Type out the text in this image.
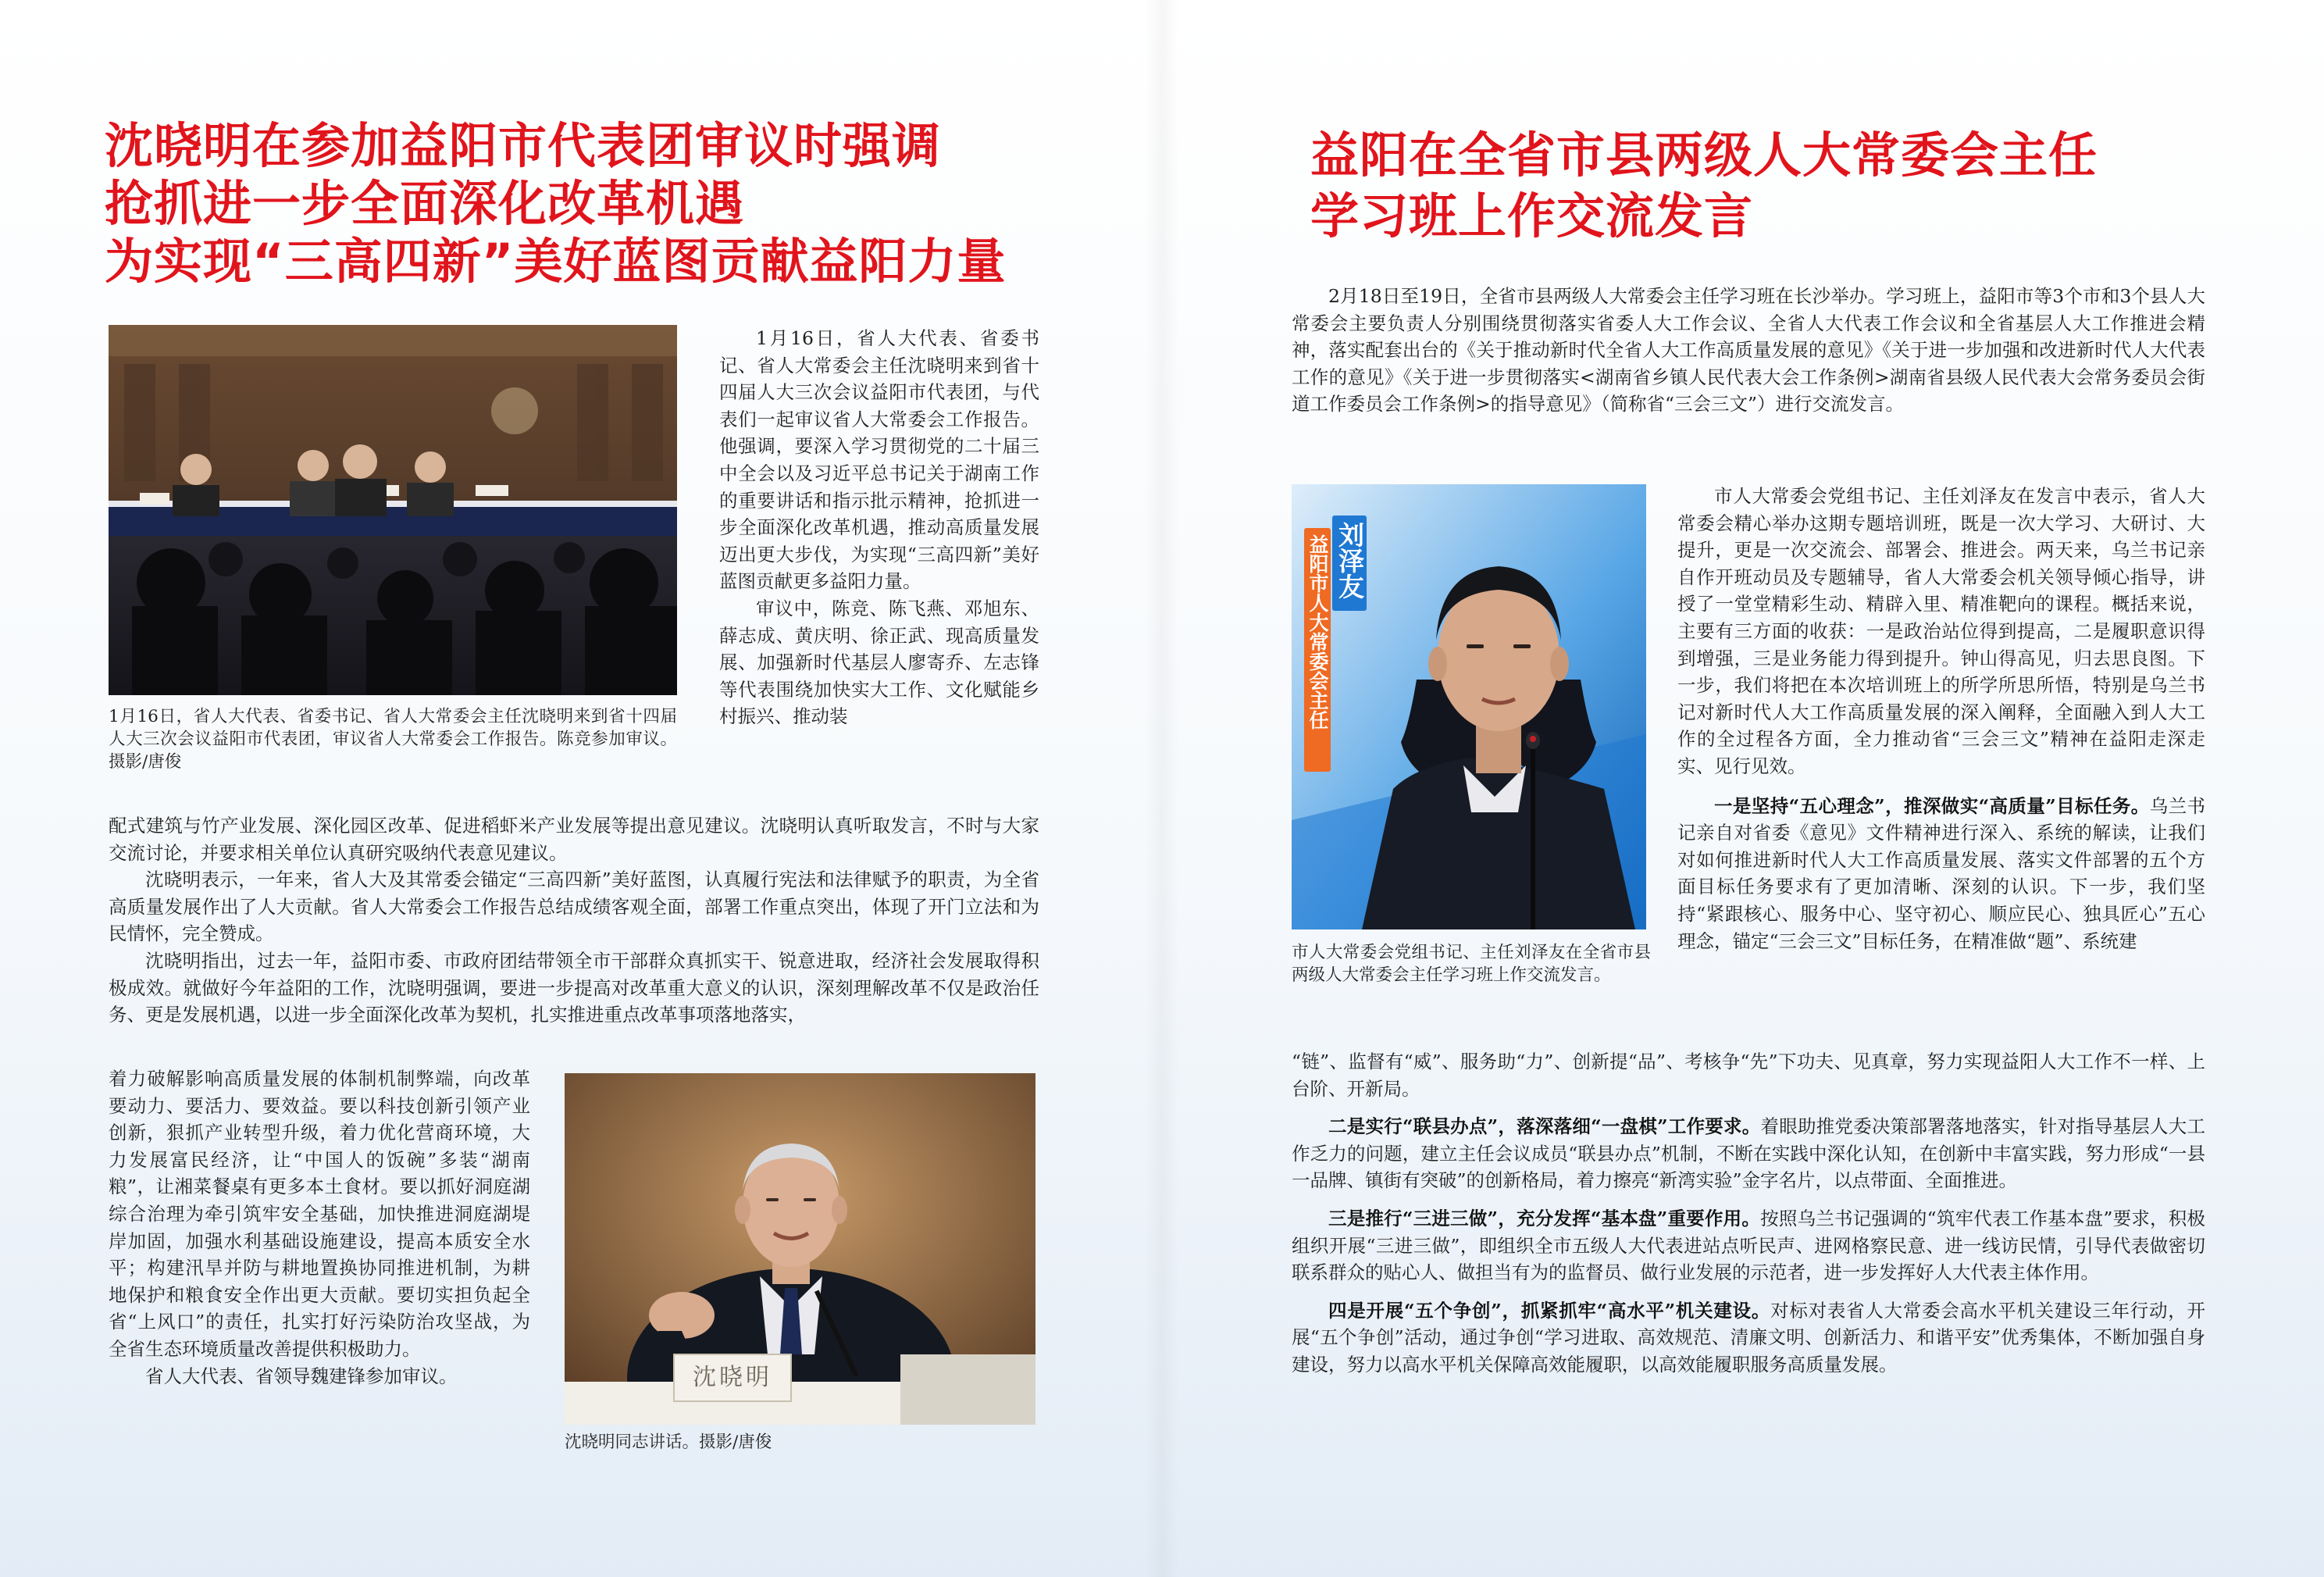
沈晓明在参加益阳市代表团审议时强调
抢抓进一步全面深化改革机遇
为实现“三高四新”美好蓝图贡献益阳力量

1月16日，省人大代表、省委书记、省人大常委会主任沈晓明来到省十四届人大三次会议益阳市代表团，审议省人大常委会工作报告。陈竞参加审议。摄影/唐俊

1月16日，省人大代表、省委书记、省人大常委会主任沈晓明来到省十四届人大三次会议益阳市代表团，与代表们一起审议省人大常委会工作报告。他强调，要深入学习贯彻党的二十届三中全会以及习近平总书记关于湖南工作的重要讲话和指示批示精神，抢抓进一步全面深化改革机遇，推动高质量发展迈出更大步伐，为实现“三高四新”美好蓝图贡献更多益阳力量。

审议中，陈竞、陈飞燕、邓旭东、薛志成、黄庆明、徐正武、现高质量发展、加强新时代基层人廖寄乔、左志锋等代表围绕加快实大工作、文化赋能乡村振兴、推动装

配式建筑与竹产业发展、深化园区改革、促进稻虾米产业发展等提出意见建议。沈晓明认真听取发言，不时与大家交流讨论，并要求相关单位认真研究吸纳代表意见建议。

沈晓明表示，一年来，省人大及其常委会锚定“三高四新”美好蓝图，认真履行宪法和法律赋予的职责，为全省高质量发展作出了人大贡献。省人大常委会工作报告总结成绩客观全面，部署工作重点突出，体现了开门立法和为民情怀，完全赞成。

沈晓明指出，过去一年，益阳市委、市政府团结带领全市干部群众真抓实干、锐意进取，经济社会发展取得积极成效。就做好今年益阳的工作，沈晓明强调，要进一步提高对改革重大意义的认识，深刻理解改革不仅是政治任务、更是发展机遇，以进一步全面深化改革为契机，扎实推进重点改革事项落地落实，

着力破解影响高质量发展的体制机制弊端，向改革要动力、要活力、要效益。要以科技创新引领产业创新，狠抓产业转型升级，着力优化营商环境，大力发展富民经济，让“中国人的饭碗”多装“湖南粮”，让湘菜餐桌有更多本土食材。要以抓好洞庭湖综合治理为牵引筑牢安全基础，加快推进洞庭湖堤岸加固，加强水利基础设施建设，提高本质安全水平；构建汛旱并防与耕地置换协同推进机制，为耕地保护和粮食安全作出更大贡献。要切实担负起全省“上风口”的责任，扎实打好污染防治攻坚战，为全省生态环境质量改善提供积极助力。

省人大代表、省领导魏建锋参加审议。	沈晓明

沈晓明同志讲话。摄影/唐俊

益阳在全省市县两级人大常委会主任
学习班上作交流发言

2月18日至19日，全省市县两级人大常委会主任学习班在长沙举办。学习班上，益阳市等3个市和3个县人大常委会主要负责人分别围绕贯彻落实省委人大工作会议、全省人大代表工作会议和全省基层人大工作推进会精神，落实配套出台的《关于推动新时代全省人大工作高质量发展的意见》《关于进一步加强和改进新时代人大代表工作的意见》《关于进一步贯彻落实<湖南省乡镇人民代表大会工作条例>湖南省县级人民代表大会常务委员会街道工作委员会工作条例>的指导意见》（简称省“三会三文”）进行交流发言。

刘泽友
益阳市人大常委会主任

市人大常委会党组书记、主任刘泽友在全省市县两级人大常委会主任学习班上作交流发言。

市人大常委会党组书记、主任刘泽友在发言中表示，省人大常委会精心举办这期专题培训班，既是一次大学习、大研讨、大提升，更是一次交流会、部署会、推进会。两天来，乌兰书记亲自作开班动员及专题辅导，省人大常委会机关领导倾心指导，讲授了一堂堂精彩生动、精辟入里、精准靶向的课程。概括来说，主要有三方面的收获：一是政治站位得到提高，二是履职意识得到增强，三是业务能力得到提升。钟山得高见，归去思良图。下一步，我们将把在本次培训班上的所学所思所悟，特别是乌兰书记对新时代人大工作高质量发展的深入阐释，全面融入到人大工作的全过程各方面，全力推动省“三会三文”精神在益阳走深走实、见行见效。

一是坚持“五心理念”，推深做实“高质量”目标任务。乌兰书记亲自对省委《意见》文件精神进行深入、系统的解读，让我们对如何推进新时代人大工作高质量发展、落实文件部署的五个方面目标任务要求有了更加清晰、深刻的认识。下一步，我们坚持“紧跟核心、服务中心、坚守初心、顺应民心、独具匠心”五心理念，锚定“三会三文”目标任务，在精准做“题”、系统建

“链”、监督有“威”、服务助“力”、创新提“品”、考核争“先”下功夫、见真章，努力实现益阳人大工作不一样、上台阶、开新局。

二是实行“联县办点”，落深落细“一盘棋”工作要求。着眼助推党委决策部署落地落实，针对指导基层人大工作乏力的问题，建立主任会议成员“联县办点”机制，不断在实践中深化认知，在创新中丰富实践，努力形成“一县一品牌、镇街有突破”的创新格局，着力擦亮“新湾实验”金字名片，以点带面、全面推进。

三是推行“三进三做”，充分发挥“基本盘”重要作用。按照乌兰书记强调的“筑牢代表工作基本盘”要求，积极组织开展“三进三做”，即组织全市五级人大代表进站点听民声、进网格察民意、进一线访民情，引导代表做密切联系群众的贴心人、做担当有为的监督员、做行业发展的示范者，进一步发挥好人大代表主体作用。

四是开展“五个争创”，抓紧抓牢“高水平”机关建设。对标对表省人大常委会高水平机关建设三年行动，开展“五个争创”活动，通过争创“学习进取、高效规范、清廉文明、创新活力、和谐平安”优秀集体，不断加强自身建设，努力以高水平机关保障高效能履职，以高效能履职服务高质量发展。
